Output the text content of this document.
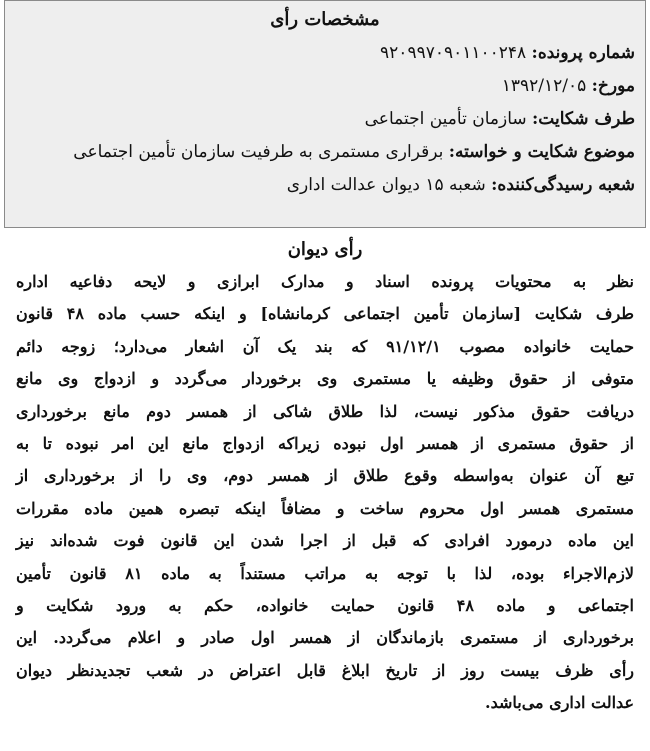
مشخصات رأی
شماره پرونده: ۹۲۰۹۹۷۰۹۰۱۱۰۰۲۴۸
مورخ: ۱۳۹۲/۱۲/۰۵
طرف شکایت: سازمان تأمین اجتماعی
موضوع شکایت و خواسته: برقراری مستمری به طرفیت سازمان تأمین اجتماعی
شعبه رسیدگی‌کننده: شعبه ۱۵ دیوان عدالت اداری
رأی دیوان
نظر به محتویات پرونده اسناد و مدارک ابرازی و لایحه دفاعیه اداره
طرف شکایت [سازمان تأمین اجتماعی کرمانشاه] و اینکه حسب ماده ۴۸ قانون
حمایت خانواده مصوب ۹۱/۱۲/۱ که بند یک آن اشعار می‌دارد؛ زوجه دائم
متوفی از حقوق وظیفه یا مستمری وی برخوردار می‌گردد و ازدواج وی مانع
دریافت حقوق مذکور نیست، لذا طلاق شاکی از همسر دوم مانع برخورداری
از حقوق مستمری از همسر اول نبوده زیراکه ازدواج مانع این امر نبوده تا به
تبع آن عنوان به‌واسطه وقوع طلاق از همسر دوم، وی را از برخورداری از
مستمری همسر اول محروم ساخت و مضافاً اینکه تبصره همین ماده مقررات
این ماده درمورد افرادی که قبل از اجرا شدن این قانون فوت شده‌اند نیز
لازم‌الاجراء بوده، لذا با توجه به مراتب مستنداً به ماده ۸۱ قانون تأمین
اجتماعی و ماده ۴۸ قانون حمایت خانواده، حکم به ورود شکایت و
برخورداری از مستمری بازماندگان از همسر اول صادر و اعلام می‌گردد. این
رأی ظرف بیست روز از تاریخ ابلاغ قابل اعتراض در شعب تجدیدنظر دیوان
عدالت اداری می‌باشد.
